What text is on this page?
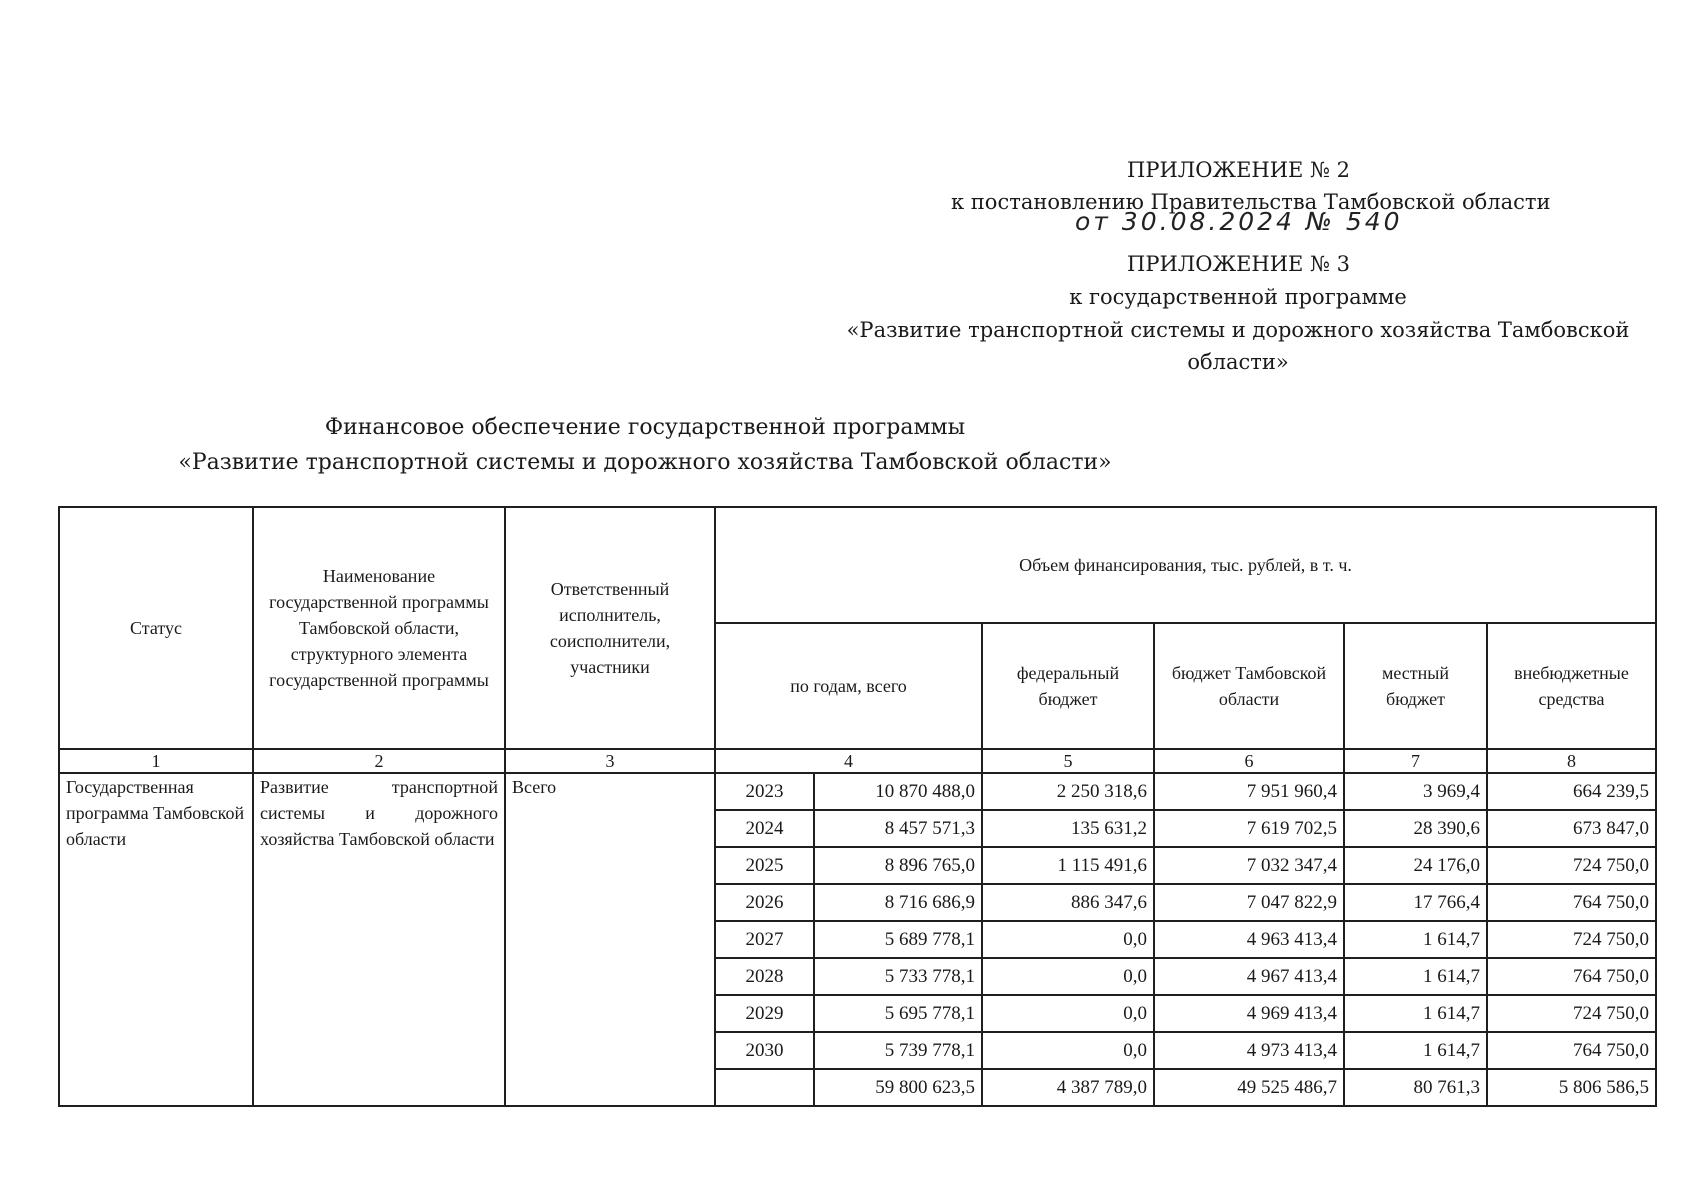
ПРИЛОЖЕНИЕ № 2
к постановлению Правительства Тамбовской области
от 30.08.2024 № 540
ПРИЛОЖЕНИЕ № 3
к государственной программе
«Развитие транспортной системы и дорожного хозяйства Тамбовской
области»
Финансовое обеспечение государственной программы
«Развитие транспортной системы и дорожного хозяйства Тамбовской области»
Статус	Наименование государственной программы Тамбовской области, структурного элемента государственной программы	Ответственный исполнитель, соисполнители, участники	Объем финансирования, тыс. рублей, в т. ч.					
			по годам, всего		федеральный бюджет	бюджет Тамбовской области	местный бюджет	внебюджетные средства
1	2	3	4		5	6	7	8
Государственная программа Тамбовской области	Развитие транспортной системы и дорожного хозяйства Тамбовской области	Всего	2023	10 870 488,0	2 250 318,6	7 951 960,4	3 969,4	664 239,5
			2024	8 457 571,3	135 631,2	7 619 702,5	28 390,6	673 847,0
			2025	8 896 765,0	1 115 491,6	7 032 347,4	24 176,0	724 750,0
			2026	8 716 686,9	886 347,6	7 047 822,9	17 766,4	764 750,0
			2027	5 689 778,1	0,0	4 963 413,4	1 614,7	724 750,0
			2028	5 733 778,1	0,0	4 967 413,4	1 614,7	764 750,0
			2029	5 695 778,1	0,0	4 969 413,4	1 614,7	724 750,0
			2030	5 739 778,1	0,0	4 973 413,4	1 614,7	764 750,0
				59 800 623,5	4 387 789,0	49 525 486,7	80 761,3	5 806 586,5
